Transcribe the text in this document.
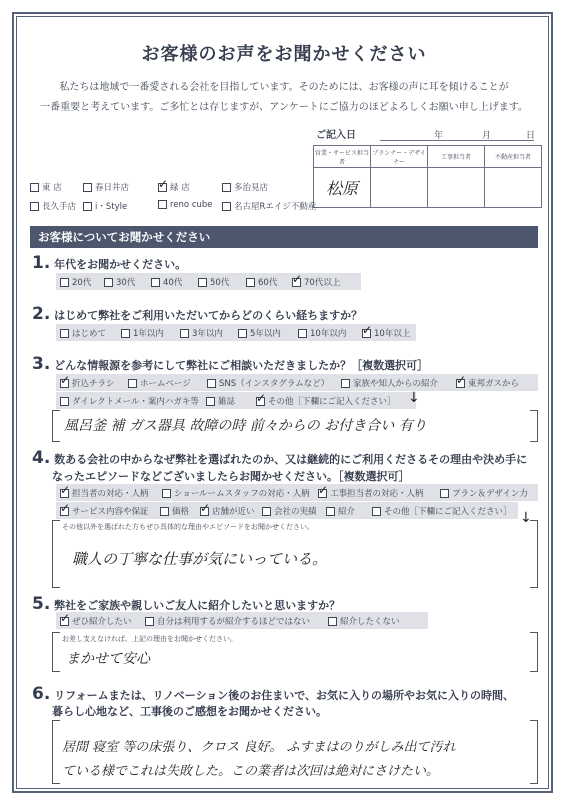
お客様のお声をお聞かせください
私たちは地域で一番愛される会社を目指しています。そのためには、お客様の声に耳を傾けることが
一番重要と考えています。ご多忙とは存じますが、アンケートにご協力のほどよろしくお願い申し上げます。
ご記入日	年	月	日
営業・サービス担当者	プランナー・デザイナー	工事担当者	不動産担当者
松原			
東 店	春日井店 ✓ 緑 店	多治見店
長久手店	i・Style	reno cube	名古屋Rエイジ不動産
お客様についてお聞かせください
1. 年代をお聞かせください。
20代	30代	40代	50代	60代 ✓ 70代以上
2. はじめて弊社をご利用いただいてからどのくらい経ちますか？
はじめて	1年以内	3年以内	5年以内	10年以内 ✓ 10年以上
3. どんな情報源を参考にして弊社にご相談いただきましたか？［複数選択可］
✓ 折込チラシ	ホームページ	SNS（インスタグラムなど）	家族や知人からの紹介 ✓ 東邦ガスから
ダイレクトメール・案内ハガキ等	雑誌 ✓ その他［下欄にご記入ください］ ↓
風呂釜 補 ガス器具 故障の時 前々からの お付き合い 有り
4. 数ある会社の中からなぜ弊社を選ばれたのか、又は継続的にご利用くださるその理由や決め手に
なったエピソードなどございましたらお聞かせください。［複数選択可］
✓ 担当者の対応・人柄	ショールームスタッフの対応・人柄 ✓ 工事担当者の対応・人柄	プラン＆デザイン力
✓ サービス内容や保証	価格 ✓ 店舗が近い	会社の実績	紹介	その他［下欄にご記入ください］ ↓
その他以外を選ばれた方もぜひ具体的な理由やエピソードをお聞かせください。
職人の丁寧な仕事が気にいっている。
5. 弊社をご家族や親しいご友人に紹介したいと思いますか？
✓ ぜひ紹介したい	自分は利用するが紹介するほどではない	紹介したくない
お差し支えなければ、上記の理由をお聞かせください。
まかせて安心
6. リフォームまたは、リノベーション後のお住まいで、お気に入りの場所やお気に入りの時間、
暮らし心地など、工事後のご感想をお聞かせください。
居間 寝室 等の床張り、クロス 良好。 ふすまはのりがしみ出て汚れ
ている様でこれは失敗した。この業者は次回は絶対にさけたい。
